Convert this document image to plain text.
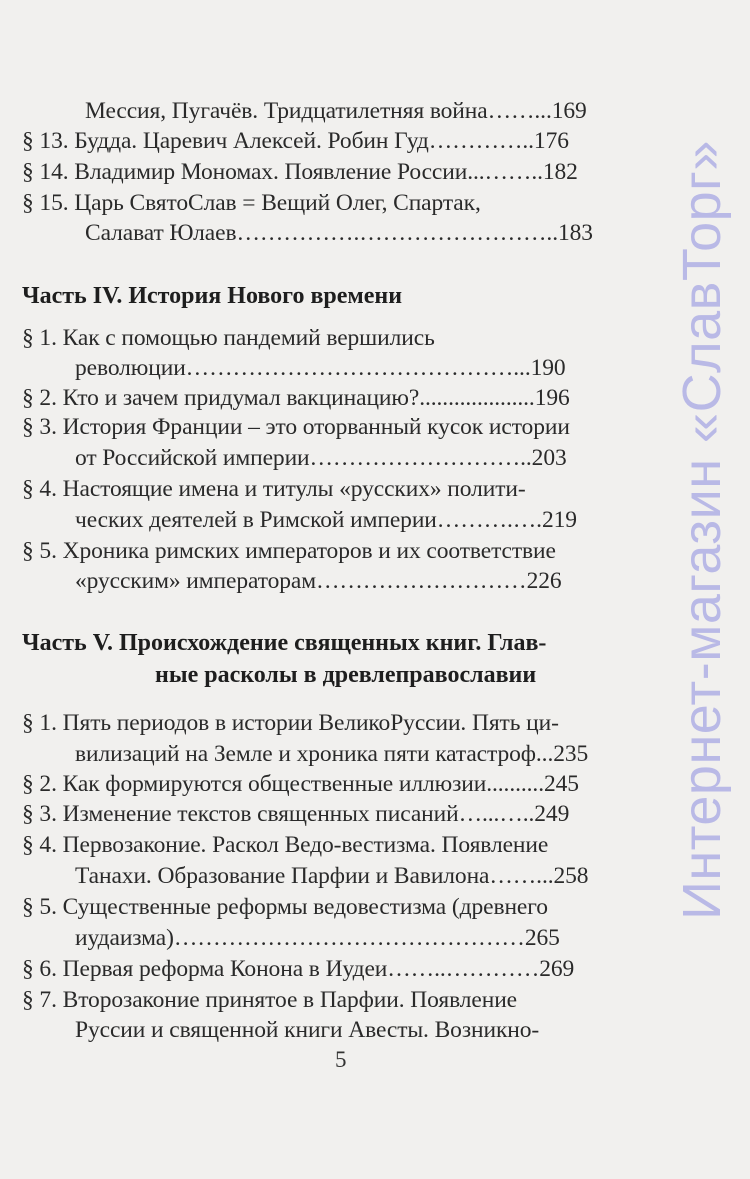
Мессия, Пугачёв. Тридцатилетняя война……...169
§ 13. Будда. Царевич Алексей. Робин Гуд…………..176
§ 14. Владимир Мономах. Появление России...……..182
§ 15. Царь СвятоСлав = Вещий Олег, Спартак,
Салават Юлаев…………….……………………..183
Часть IV. История Нового времени
§ 1. Как с помощью пандемий вершились
революции……………………………………...190
§ 2. Кто и зачем придумал вакцинацию?....................196
§ 3. История Франции – это оторванный кусок истории
от Российской империи………………………..203
§ 4. Настоящие имена и титулы «русских» полити-
ческих деятелей в Римской империи……….….219
§ 5. Хроника римских императоров и их соответствие
«русским» императорам………………………226
Часть V. Происхождение священных книг. Глав-
ные расколы в древлеправославии
§ 1. Пять периодов в истории ВеликоРуссии. Пять ци-
вилизаций на Земле и хроника пяти катастроф...235
§ 2. Как формируются общественные иллюзии..........245
§ 3. Изменение текстов священных писаний…...…..249
§ 4. Первозаконие. Раскол Ведо-вестизма. Появление
Танахи. Образование Парфии и Вавилона……...258
§ 5. Существенные реформы ведовестизма (древнего
иудаизма)………………………………………265
§ 6. Первая реформа Конона в Иудеи……..…………269
§ 7. Второзаконие принятое в Парфии. Появление
Руссии и священной книги Авесты. Возникно-
5
Интернет-магазин «СлавТорг»
